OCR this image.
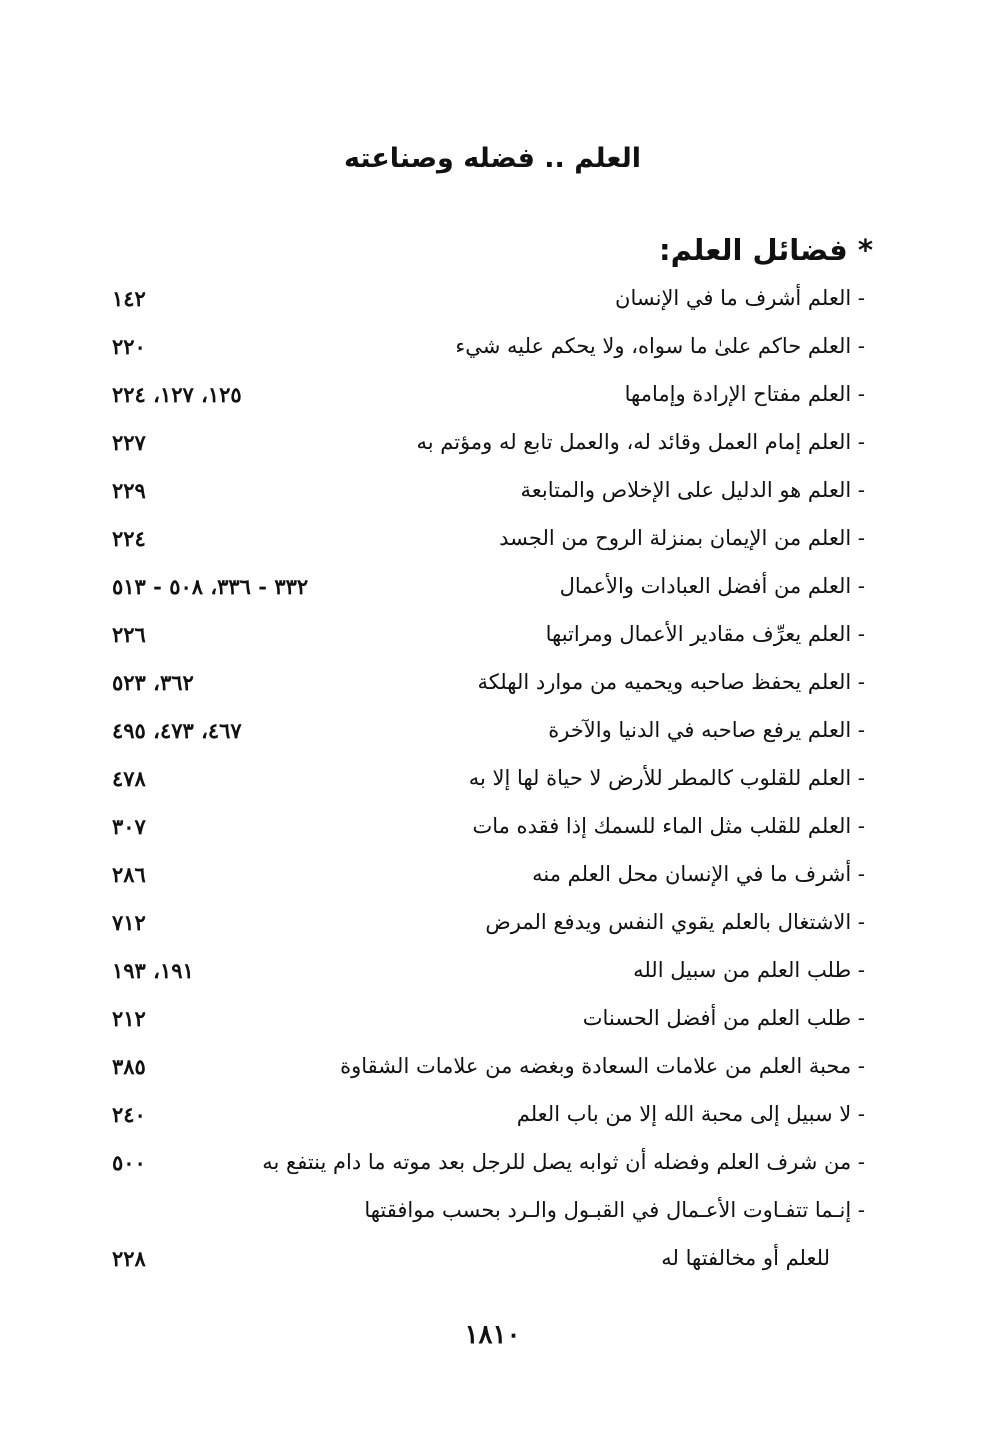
العلم .. فضله وصناعته
* فضائل العلم:
- العلم أشرف ما في الإنسان
١٤٢
- العلم حاكم علىٰ ما سواه، ولا يحكم عليه شيء
٢٢٠
- العلم مفتاح الإرادة وإمامها
١٢٥، ١٢٧، ٢٢٤
- العلم إمام العمل وقائد له، والعمل تابع له ومؤتم به
٢٢٧
- العلم هو الدليل على الإخلاص والمتابعة
٢٢٩
- العلم من الإيمان بمنزلة الروح من الجسد
٢٢٤
- العلم من أفضل العبادات والأعمال
٣٣٢ - ٣٣٦، ٥٠٨ - ٥١٣
- العلم يعرِّف مقادير الأعمال ومراتبها
٢٢٦
- العلم يحفظ صاحبه ويحميه من موارد الهلكة
٣٦٢، ٥٢٣
- العلم يرفع صاحبه في الدنيا والآخرة
٤٦٧، ٤٧٣، ٤٩٥
- العلم للقلوب كالمطر للأرض لا حياة لها إلا به
٤٧٨
- العلم للقلب مثل الماء للسمك إذا فقده مات
٣٠٧
- أشرف ما في الإنسان محل العلم منه
٢٨٦
- الاشتغال بالعلم يقوي النفس ويدفع المرض
٧١٢
- طلب العلم من سبيل الله
١٩١، ١٩٣
- طلب العلم من أفضل الحسنات
٢١٢
- محبة العلم من علامات السعادة وبغضه من علامات الشقاوة
٣٨٥
- لا سبيل إلى محبة الله إلا من باب العلم
٢٤٠
- من شرف العلم وفضله أن ثوابه يصل للرجل بعد موته ما دام ينتفع به
٥٠٠
- إنـما تتفـاوت الأعـمال في القبـول والـرد بحسب موافقتها
للعلم أو مخالفتها له
٢٢٨
١٨١٠
